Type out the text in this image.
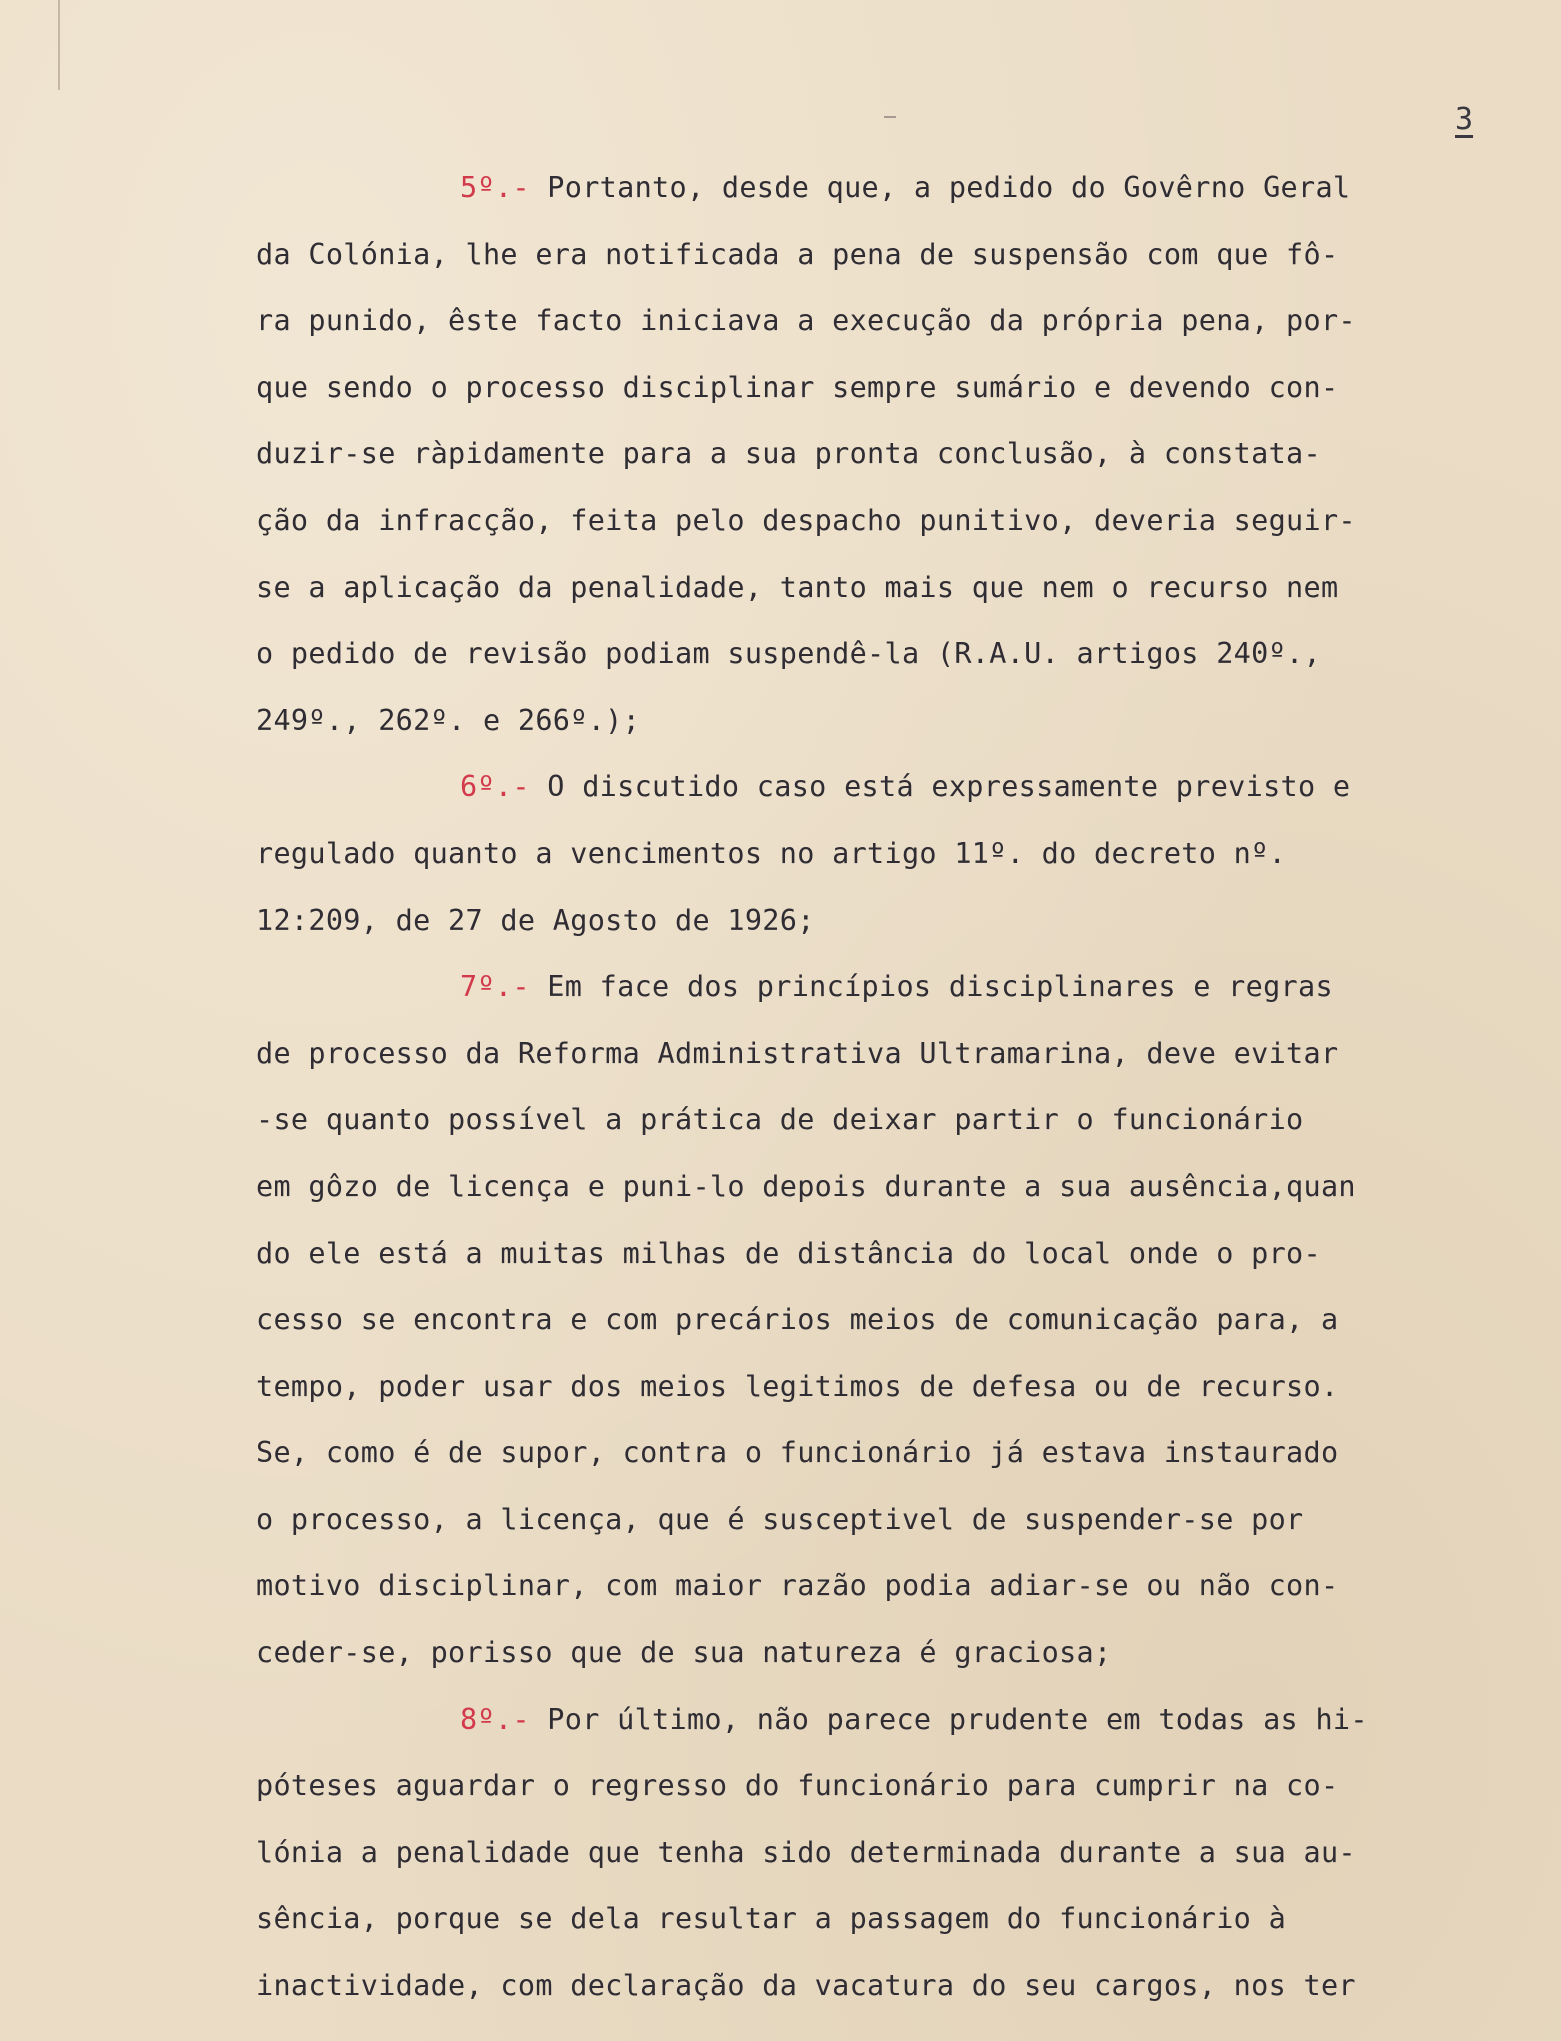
3
5º.- Portanto, desde que, a pedido do Govêrno Geral
da Colónia, lhe era notificada a pena de suspensão com que fô-
ra punido, êste facto iniciava a execução da própria pena, por-
que sendo o processo disciplinar sempre sumário e devendo con-
duzir-se ràpidamente para a sua pronta conclusão, à constata-
ção da infracção, feita pelo despacho punitivo, deveria seguir-
se a aplicação da penalidade, tanto mais que nem o recurso nem
o pedido de revisão podiam suspendê-la (R.A.U. artigos 240º.,
249º., 262º. e 266º.);
6º.- O discutido caso está expressamente previsto e
regulado quanto a vencimentos no artigo 11º. do decreto nº.
12:209, de 27 de Agosto de 1926;
7º.- Em face dos princípios disciplinares e regras
de processo da Reforma Administrativa Ultramarina, deve evitar
-se quanto possível a prática de deixar partir o funcionário
em gôzo de licença e puni-lo depois durante a sua ausência,quan
do ele está a muitas milhas de distância do local onde o pro-
cesso se encontra e com precários meios de comunicação para, a
tempo, poder usar dos meios legitimos de defesa ou de recurso.
Se, como é de supor, contra o funcionário já estava instaurado
o processo, a licença, que é susceptivel de suspender-se por
motivo disciplinar, com maior razão podia adiar-se ou não con-
ceder-se, porisso que de sua natureza é graciosa;
8º.- Por último, não parece prudente em todas as hi-
póteses aguardar o regresso do funcionário para cumprir na co-
lónia a penalidade que tenha sido determinada durante a sua au-
sência, porque se dela resultar a passagem do funcionário à
inactividade, com declaração da vacatura do seu cargos, nos ter
